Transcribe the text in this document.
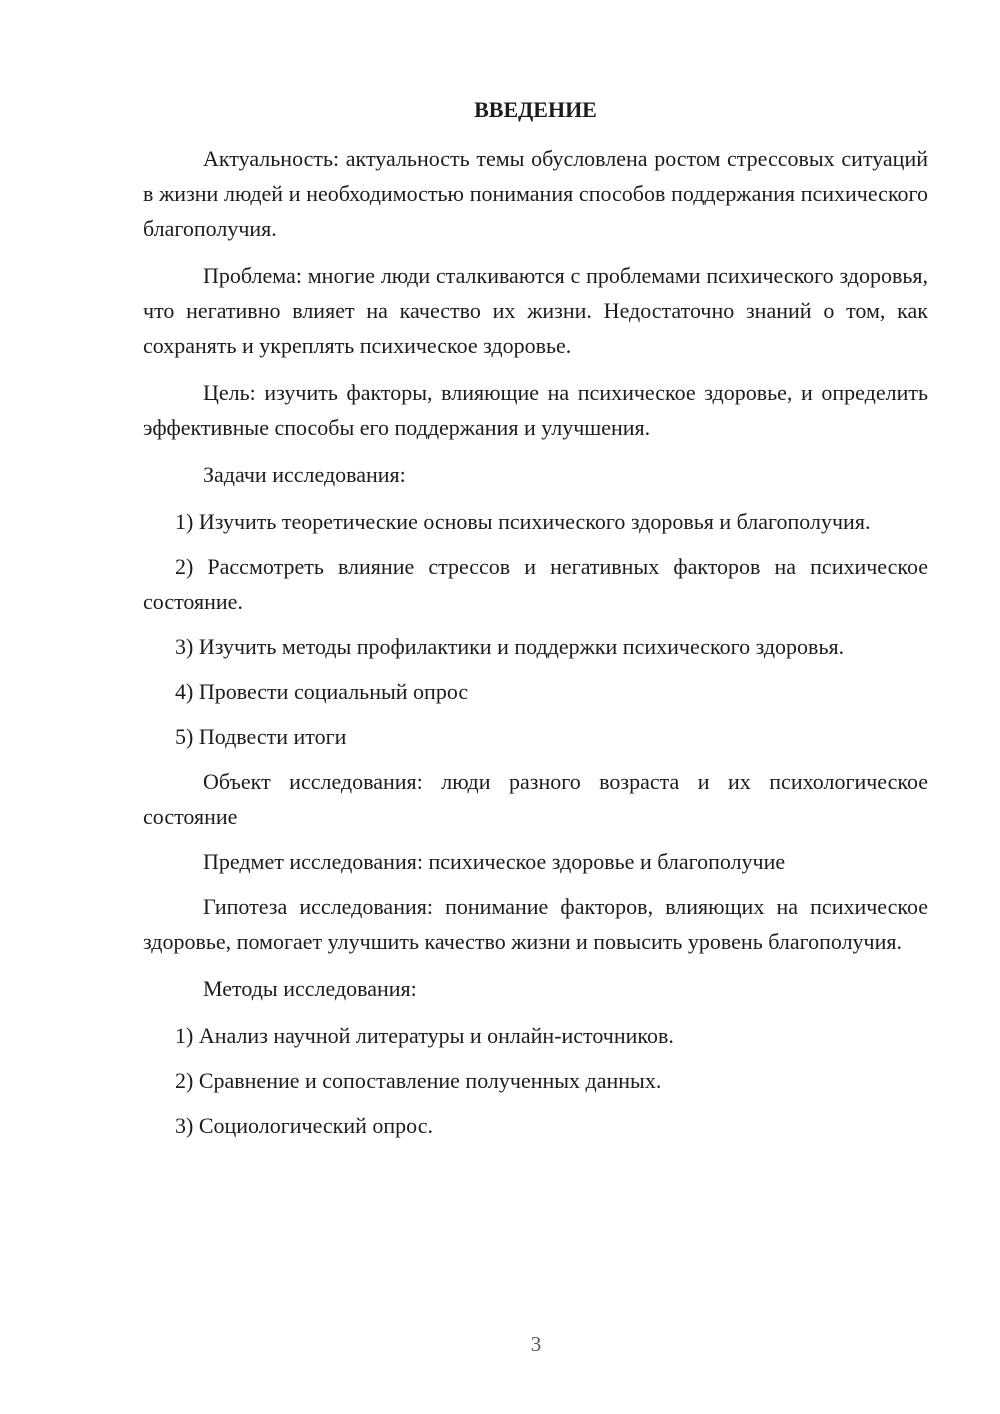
ВВЕДЕНИЕ

Актуальность: актуальность темы обусловлена ростом стрессовых ситуаций в жизни людей и необходимостью понимания способов поддержания психического благополучия.

Проблема: многие люди сталкиваются с проблемами психического здоровья, что негативно влияет на качество их жизни. Недостаточно знаний о том, как сохранять и укреплять психическое здоровье.

Цель: изучить факторы, влияющие на психическое здоровье, и определить эффективные способы его поддержания и улучшения.

Задачи исследования:

1) Изучить теоретические основы психического здоровья и благополучия.

2) Рассмотреть влияние стрессов и негативных факторов на психическое состояние.

3) Изучить методы профилактики и поддержки психического здоровья.

4) Провести социальный опрос

5) Подвести итоги

Объект исследования: люди разного возраста и их психологическое состояние

Предмет исследования: психическое здоровье и благополучие

Гипотеза исследования: понимание факторов, влияющих на психическое здоровье, помогает улучшить качество жизни и повысить уровень благополучия.

Методы исследования:

1) Анализ научной литературы и онлайн-источников.

2) Сравнение и сопоставление полученных данных.

3) Социологический опрос.

3
